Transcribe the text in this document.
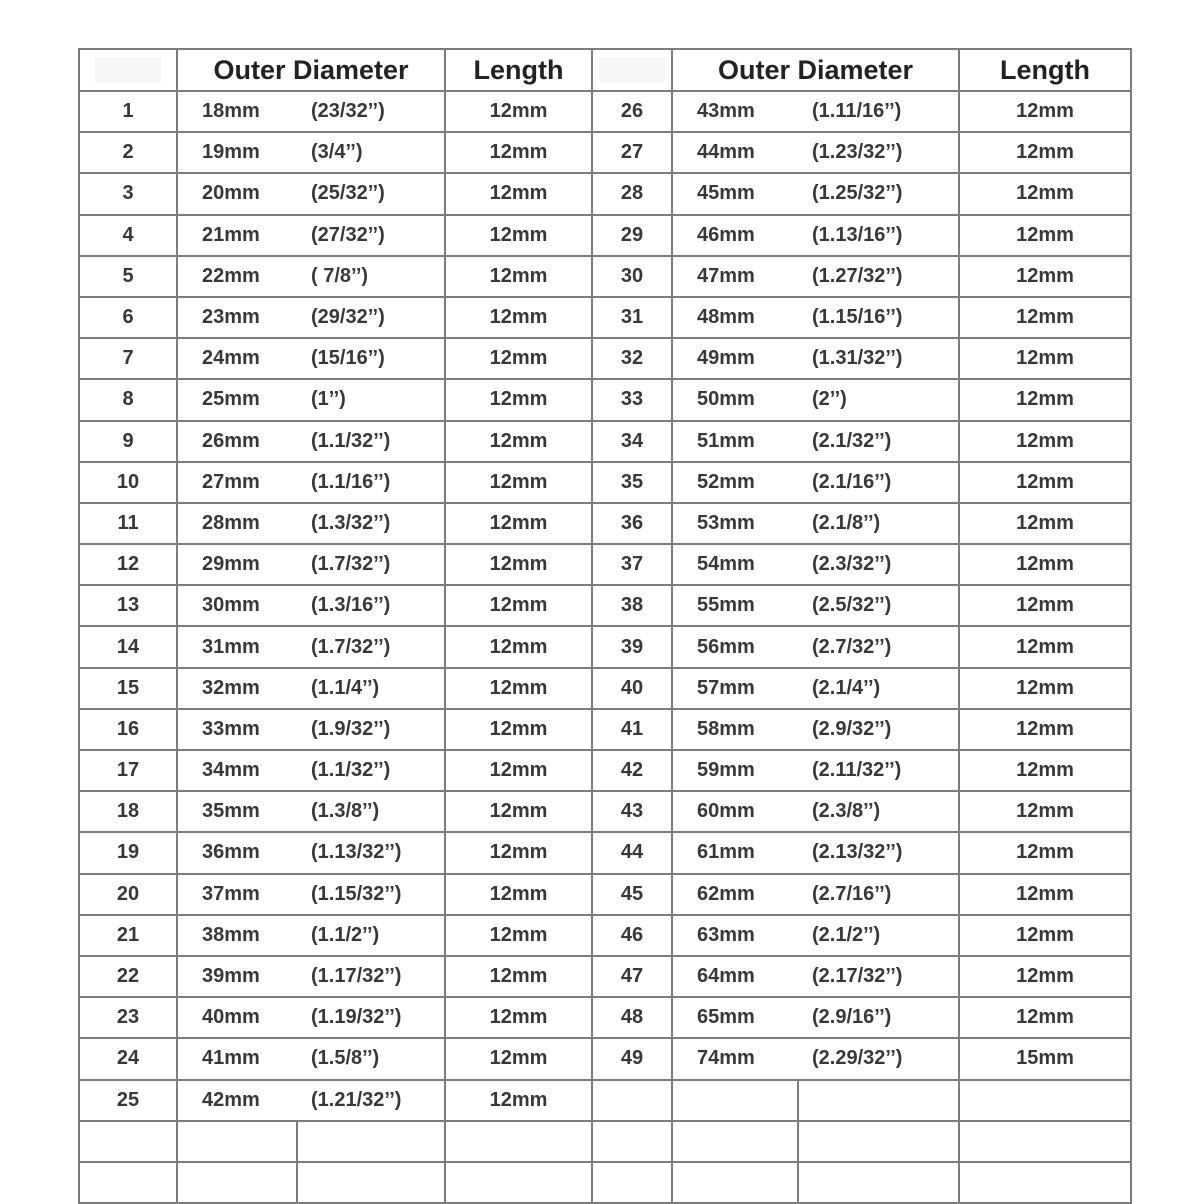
	Outer Diameter		Length		Outer Diameter		Length
1	18mm	(23/32’’)	12mm	26	43mm	(1.11/16’’)	12mm
2	19mm	(3/4’’)	12mm	27	44mm	(1.23/32’’)	12mm
3	20mm	(25/32’’)	12mm	28	45mm	(1.25/32’’)	12mm
4	21mm	(27/32’’)	12mm	29	46mm	(1.13/16’’)	12mm
5	22mm	( 7/8’’)	12mm	30	47mm	(1.27/32’’)	12mm
6	23mm	(29/32’’)	12mm	31	48mm	(1.15/16’’)	12mm
7	24mm	(15/16’’)	12mm	32	49mm	(1.31/32’’)	12mm
8	25mm	(1’’)	12mm	33	50mm	(2’’)	12mm
9	26mm	(1.1/32’’)	12mm	34	51mm	(2.1/32’’)	12mm
10	27mm	(1.1/16’’)	12mm	35	52mm	(2.1/16’’)	12mm
11	28mm	(1.3/32’’)	12mm	36	53mm	(2.1/8’’)	12mm
12	29mm	(1.7/32’’)	12mm	37	54mm	(2.3/32’’)	12mm
13	30mm	(1.3/16’’)	12mm	38	55mm	(2.5/32’’)	12mm
14	31mm	(1.7/32’’)	12mm	39	56mm	(2.7/32’’)	12mm
15	32mm	(1.1/4’’)	12mm	40	57mm	(2.1/4’’)	12mm
16	33mm	(1.9/32’’)	12mm	41	58mm	(2.9/32’’)	12mm
17	34mm	(1.1/32’’)	12mm	42	59mm	(2.11/32’’)	12mm
18	35mm	(1.3/8’’)	12mm	43	60mm	(2.3/8’’)	12mm
19	36mm	(1.13/32’’)	12mm	44	61mm	(2.13/32’’)	12mm
20	37mm	(1.15/32’’)	12mm	45	62mm	(2.7/16’’)	12mm
21	38mm	(1.1/2’’)	12mm	46	63mm	(2.1/2’’)	12mm
22	39mm	(1.17/32’’)	12mm	47	64mm	(2.17/32’’)	12mm
23	40mm	(1.19/32’’)	12mm	48	65mm	(2.9/16’’)	12mm
24	41mm	(1.5/8’’)	12mm	49	74mm	(2.29/32’’)	15mm
25	42mm	(1.21/32’’)	12mm				
